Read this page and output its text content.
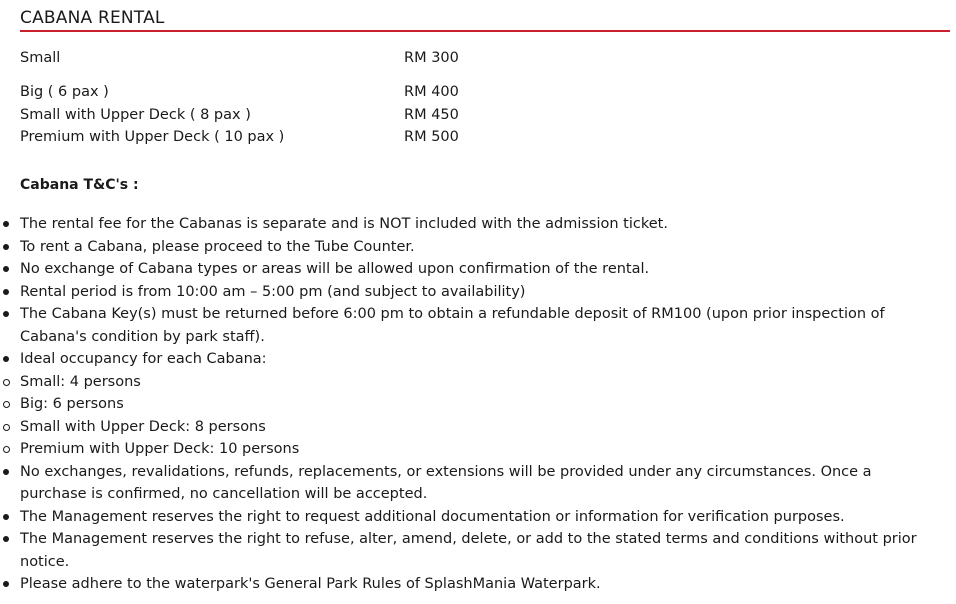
CABANA RENTAL
Small	RM 300
Big ( 6 pax )	RM 400
Small with Upper Deck ( 8 pax )	RM 450
Premium with Upper Deck ( 10 pax )	RM 500
Cabana T&C's :
The rental fee for the Cabanas is separate and is NOT included with the admission ticket.
To rent a Cabana, please proceed to the Tube Counter.
No exchange of Cabana types or areas will be allowed upon confirmation of the rental.
Rental period is from 10:00 am – 5:00 pm (and subject to availability)
The Cabana Key(s) must be returned before 6:00 pm to obtain a refundable deposit of RM100 (upon prior inspection of Cabana's condition by park staff).
Ideal occupancy for each Cabana:
Small: 4 persons
Big: 6 persons
Small with Upper Deck: 8 persons
Premium with Upper Deck: 10 persons
No exchanges, revalidations, refunds, replacements, or extensions will be provided under any circumstances. Once a purchase is confirmed, no cancellation will be accepted.
The Management reserves the right to request additional documentation or information for verification purposes.
The Management reserves the right to refuse, alter, amend, delete, or add to the stated terms and conditions without prior notice.
Please adhere to the waterpark's General Park Rules of SplashMania Waterpark.
